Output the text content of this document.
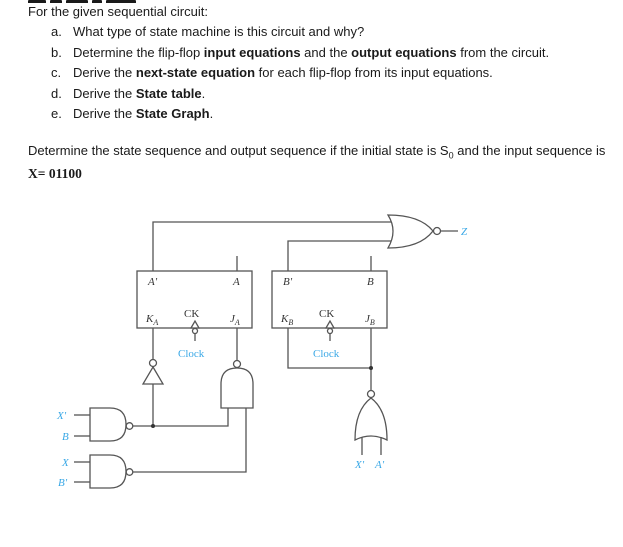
For the given sequential circuit:
a. What type of state machine is this circuit and why?
b. Determine the flip-flop input equations and the output equations from the circuit.
c. Derive the next-state equation for each flip-flop from its input equations.
d. Derive the State table.
e. Derive the State Graph.
Determine the state sequence and output sequence if the initial state is $S_0$ and the input sequence is X= 01100
Z
A'	A
$K_A$
CK	$J_A$
Clock
B'	B
$K_B$
CK	$J_B$
Clock
X' A'
X'
B
X
B'
